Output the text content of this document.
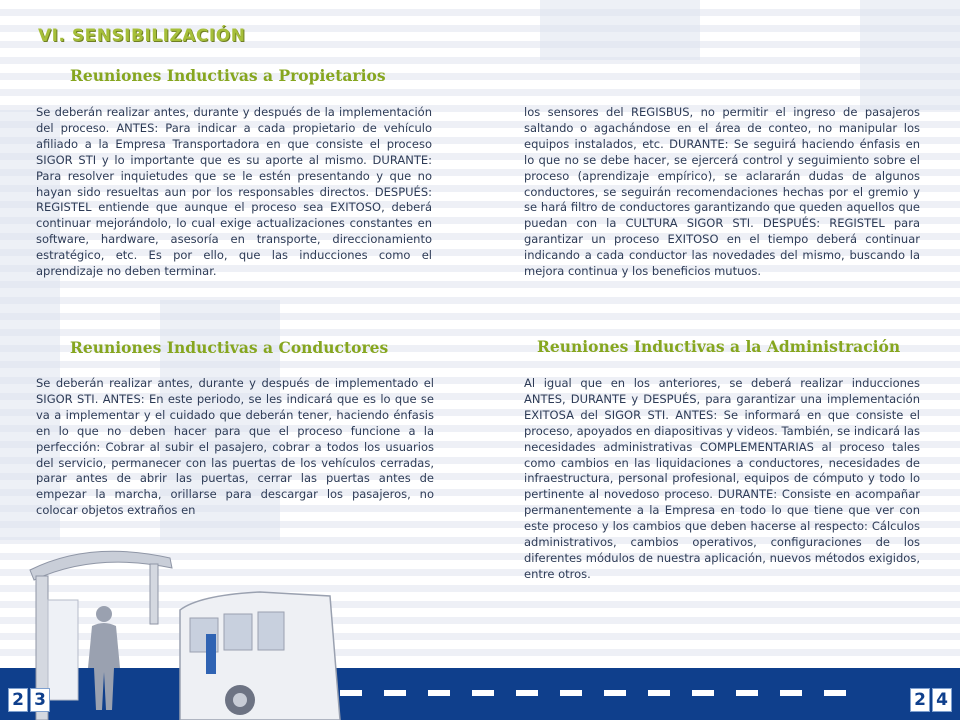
VI. SENSIBILIZACIÓN
Reuniones Inductivas a Propietarios

Se deberán realizar antes, durante y después de la implementación del proceso. ANTES: Para indicar a cada propietario de vehículo afiliado a la Empresa Transportadora en que consiste el proceso SIGOR STI y lo importante que es su aporte al mismo. DURANTE: Para resolver inquietudes que se le estén presentando y que no hayan sido resueltas aun por los responsables directos. DESPUÉS: REGISTEL entiende que aunque el proceso sea EXITOSO, deberá continuar mejorándolo, lo cual exige actualizaciones constantes en software, hardware, asesoría en transporte, direccionamiento estratégico, etc. Es por ello, que las inducciones como el aprendizaje no deben terminar.

Reuniones Inductivas a Conductores

Se deberán realizar antes, durante y después de implementado el SIGOR STI. ANTES: En este periodo, se les indicará que es lo que se va a implementar y el cuidado que deberán tener, haciendo énfasis en lo que no deben hacer para que el proceso funcione a la perfección: Cobrar al subir el pasajero, cobrar a todos los usuarios del servicio, permanecer con las puertas de los vehículos cerradas, parar antes de abrir las puertas, cerrar las puertas antes de empezar la marcha, orillarse para descargar los pasajeros, no colocar objetos extraños en

los sensores del REGISBUS, no permitir el ingreso de pasajeros saltando o agachándose en el área de conteo, no manipular los equipos instalados, etc. DURANTE: Se seguirá haciendo énfasis en lo que no se debe hacer, se ejercerá control y seguimiento sobre el proceso (aprendizaje empírico), se aclararán dudas de algunos conductores, se seguirán recomendaciones hechas por el gremio y se hará filtro de conductores garantizando que queden aquellos que puedan con la CULTURA SIGOR STI. DESPUÉS: REGISTEL para garantizar un proceso EXITOSO en el tiempo deberá continuar indicando a cada conductor las novedades del mismo, buscando la mejora continua y los beneficios mutuos.

Reuniones Inductivas a la Administración

Al igual que en los anteriores, se deberá realizar inducciones ANTES, DURANTE y DESPUÉS, para garantizar una implementación EXITOSA del SIGOR STI. ANTES: Se informará en que consiste el proceso, apoyados en diapositivas y videos. También, se indicará las necesidades administrativas COMPLEMENTARIAS al proceso tales como cambios en las liquidaciones a conductores, necesidades de infraestructura, personal profesional, equipos de cómputo y todo lo pertinente al novedoso proceso. DURANTE: Consiste en acompañar permanentemente a la Empresa en todo lo que tiene que ver con este proceso y los cambios que deben hacerse al respecto: Cálculos administrativos, cambios operativos, configuraciones de los diferentes módulos de nuestra aplicación, nuevos métodos exigidos, entre otros.

2 3	2 4
